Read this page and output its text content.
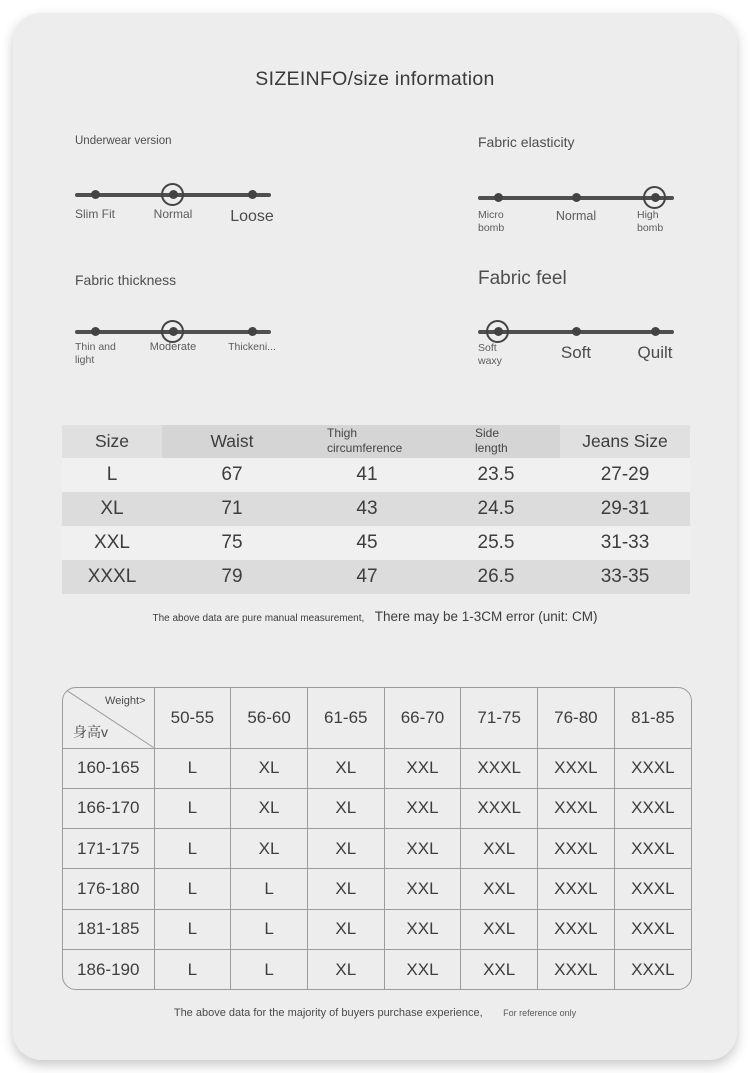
SIZEINFO/size information
Underwear version
Slim Fit	Normal Loose
Fabric elasticity
Micro bomb
Normal	High bomb
Fabric thickness
Thin and light
Moderate	Thickeni...
Fabric feel
Soft waxy	Soft	Quilt
Size	Waist	Thigh circumference	Side length	Jeans Size
L	67	41	23.5	27-29
XL	71	43	24.5	29-31
XXL	75	45	25.5	31-33
XXXL	79	47	26.5	33-35
The above data are pure manual measurement, There may be 1-3CM error (unit: CM)
Weight>
身高v	50-55	56-60	61-65	66-70	71-75	76-80	81-85
160-165	L	XL	XL	XXL	XXXL	XXXL	XXXL
166-170	L	XL	XL	XXL	XXXL	XXXL	XXXL
171-175	L	XL	XL	XXL	XXL	XXXL	XXXL
176-180	L	L	XL	XXL	XXL	XXXL	XXXL
181-185	L	L	XL	XXL	XXL	XXXL	XXXL
186-190	L	L	XL	XXL	XXL	XXXL	XXXL
The above data for the majority of buyers purchase experience, For reference only
